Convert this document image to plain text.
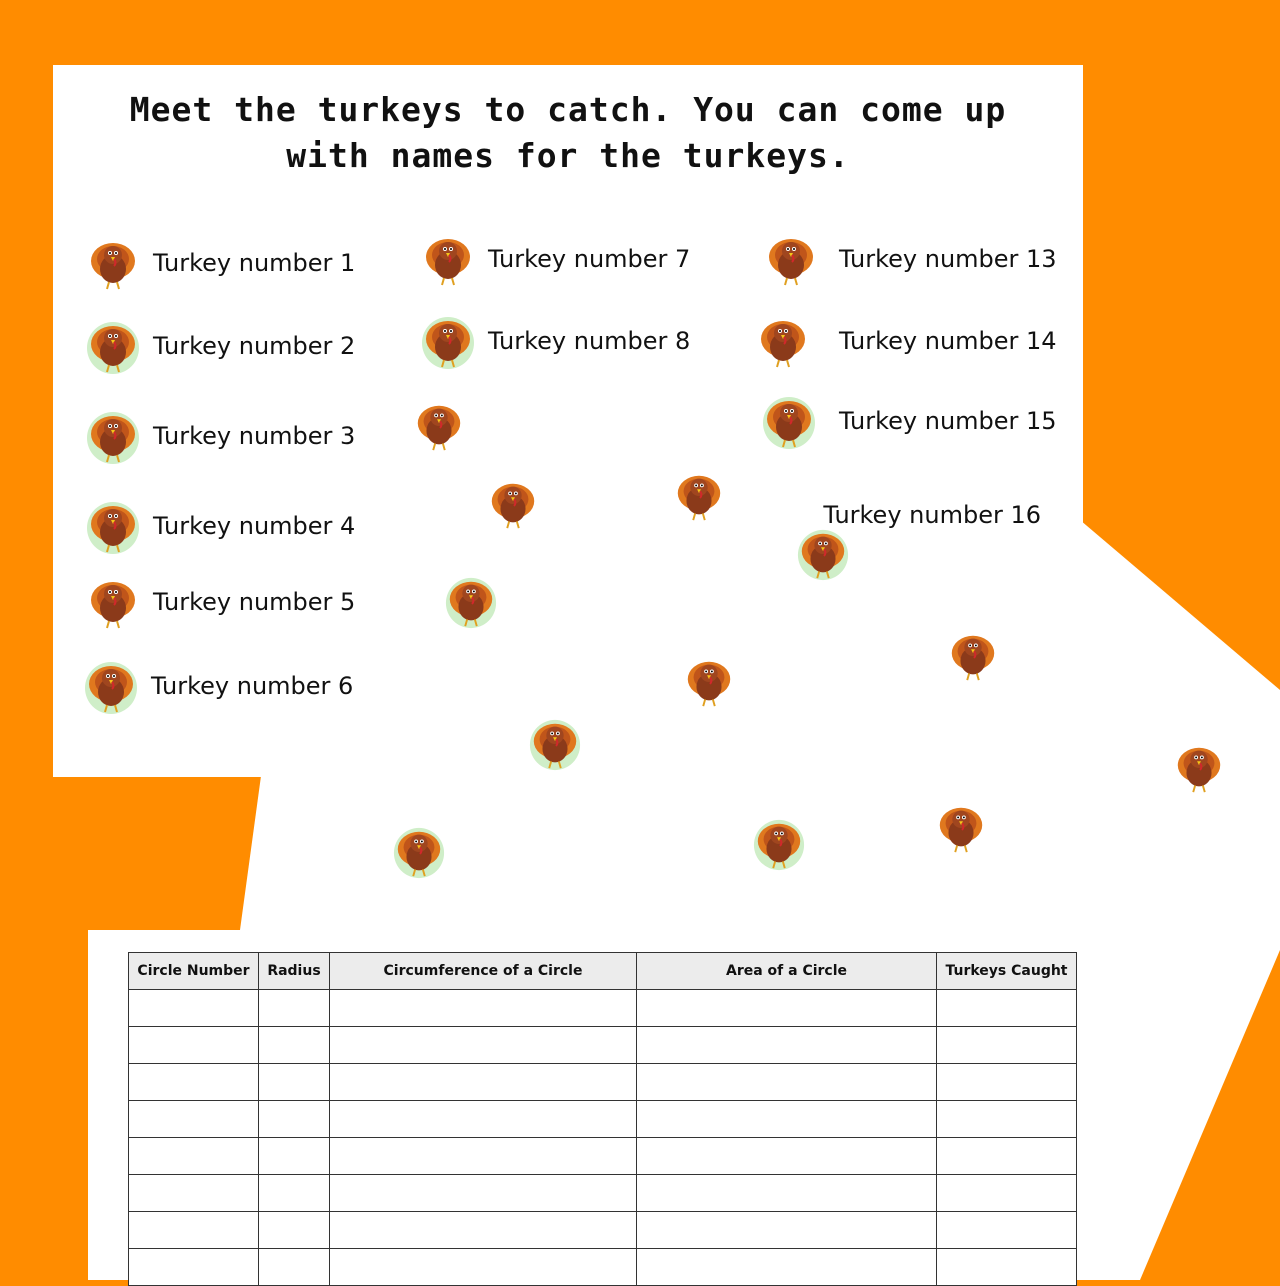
Meet the turkeys to catch. You can come up with names for the turkeys.
Turkey number 1
Turkey number 2
Turkey number 3
Turkey number 4
Turkey number 5
Turkey number 6
Turkey number 7
Turkey number 8
Turkey number 13
Turkey number 14
Turkey number 15
Turkey number 16
Circle Number	Radius	Circumference of a Circle	Area of a Circle	Turkeys Caught
